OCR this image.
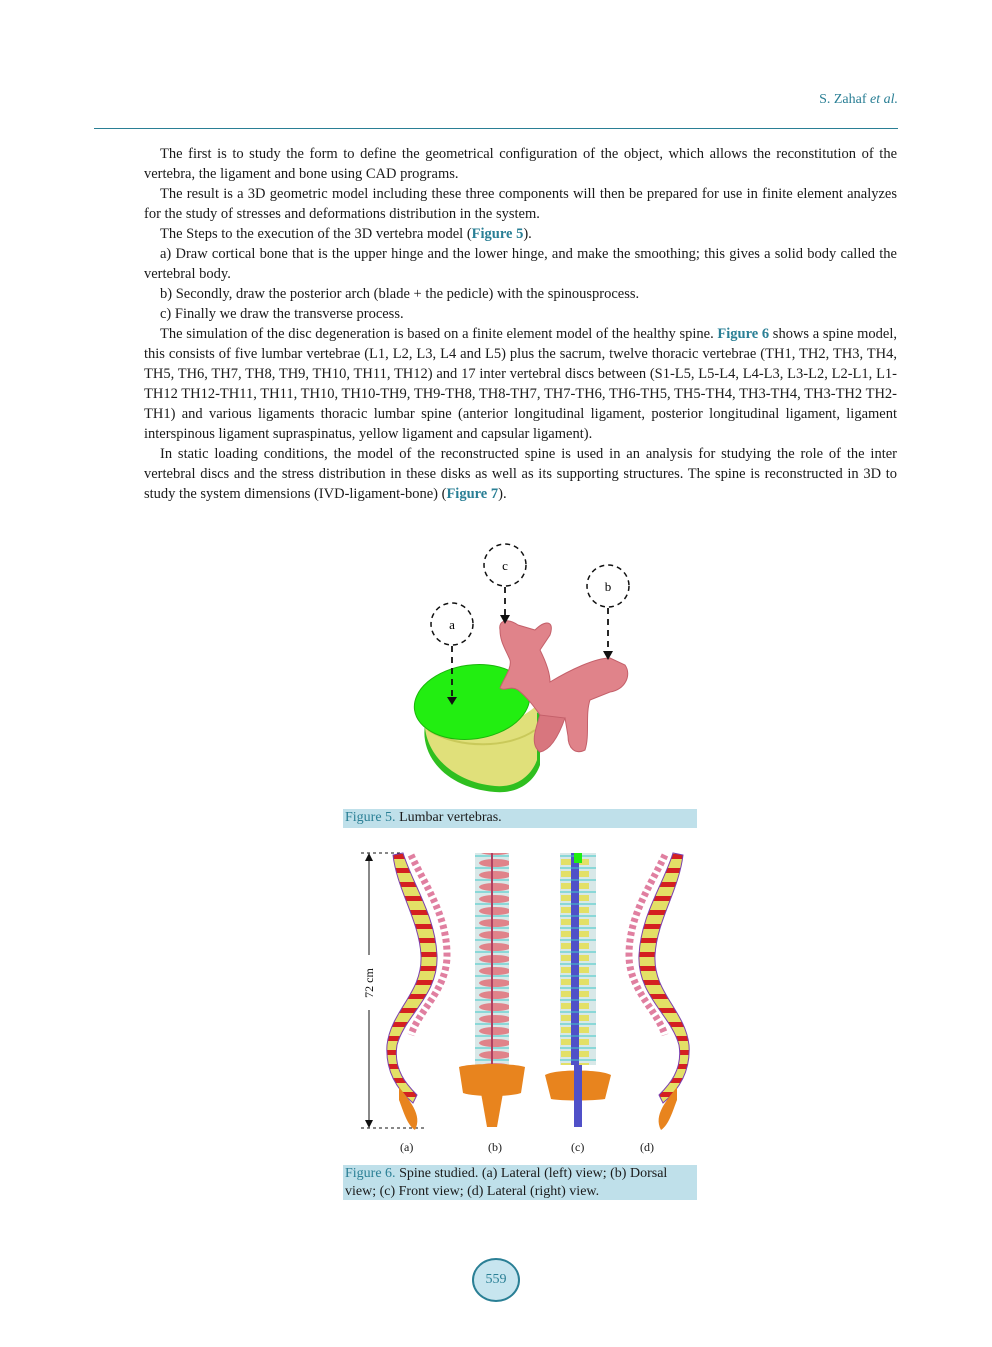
S. Zahaf et al.

The first is to study the form to define the geometrical configuration of the object, which allows the reconstitution of the vertebra, the ligament and bone using CAD programs.

The result is a 3D geometric model including these three components will then be prepared for use in finite element analyzes for the study of stresses and deformations distribution in the system.

The Steps to the execution of the 3D vertebra model (Figure 5).

a) Draw cortical bone that is the upper hinge and the lower hinge, and make the smoothing; this gives a solid body called the vertebral body.

b) Secondly, draw the posterior arch (blade + the pedicle) with the spinousprocess.

c) Finally we draw the transverse process.

The simulation of the disc degeneration is based on a finite element model of the healthy spine. Figure 6 shows a spine model, this consists of five lumbar vertebrae (L1, L2, L3, L4 and L5) plus the sacrum, twelve thoracic vertebrae (TH1, TH2, TH3, TH4, TH5, TH6, TH7, TH8, TH9, TH10, TH11, TH12) and 17 inter vertebral discs between (S1-L5, L5-L4, L4-L3, L3-L2, L2-L1, L1-TH12 TH12-TH11, TH11, TH10, TH10-TH9, TH9-TH8, TH8-TH7, TH7-TH6, TH6-TH5, TH5-TH4, TH3-TH4, TH3-TH2 TH2-TH1) and various ligaments thoracic lumbar spine (anterior longitudinal ligament, posterior longitudinal ligament, ligament interspinous ligament supraspinatus, yellow ligament and capsular ligament).

In static loading conditions, the model of the reconstructed spine is used in an analysis for studying the role of the inter vertebral discs and the stress distribution in these disks as well as its supporting structures. The spine is reconstructed in 3D to study the system dimensions (IVD-ligament-bone) (Figure 7).

a
c
b
Figure 5. Lumbar vertebras.
72 cm
(a)	(b)	(c)	(d)
Figure 6. Spine studied. (a) Lateral (left) view; (b) Dorsal view; (c) Front view; (d) Lateral (right) view.
559
